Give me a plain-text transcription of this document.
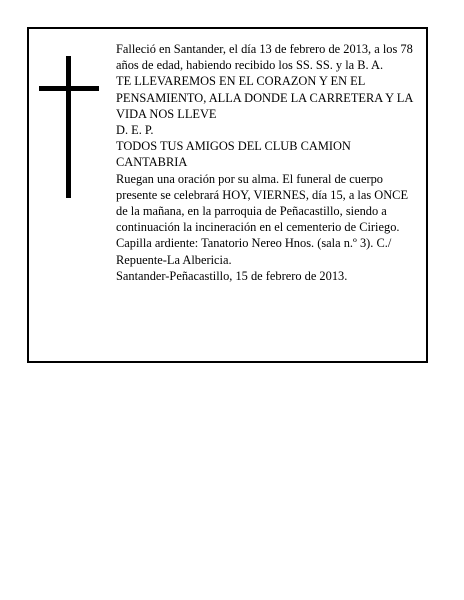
Falleció en Santander, el día 13 de febrero de 2013, a los 78 años de edad, habiendo recibido los SS. SS. y la B. A.

TE LLEVAREMOS EN EL CORAZON Y EN EL PENSAMIENTO, ALLA DONDE LA CARRETERA Y LA VIDA NOS LLEVE

D. E. P.

TODOS TUS AMIGOS DEL CLUB CAMION CANTABRIA

Ruegan una oración por su alma. El funeral de cuerpo presente se celebrará HOY, VIERNES, día 15, a las ONCE de la mañana, en la parroquia de Peñacastillo, siendo a continuación la incineración en el cementerio de Ciriego. Capilla ardiente: Tanatorio Nereo Hnos. (sala n.º 3). C./ Repuente-La Albericia.

Santander-Peñacastillo, 15 de febrero de 2013.
